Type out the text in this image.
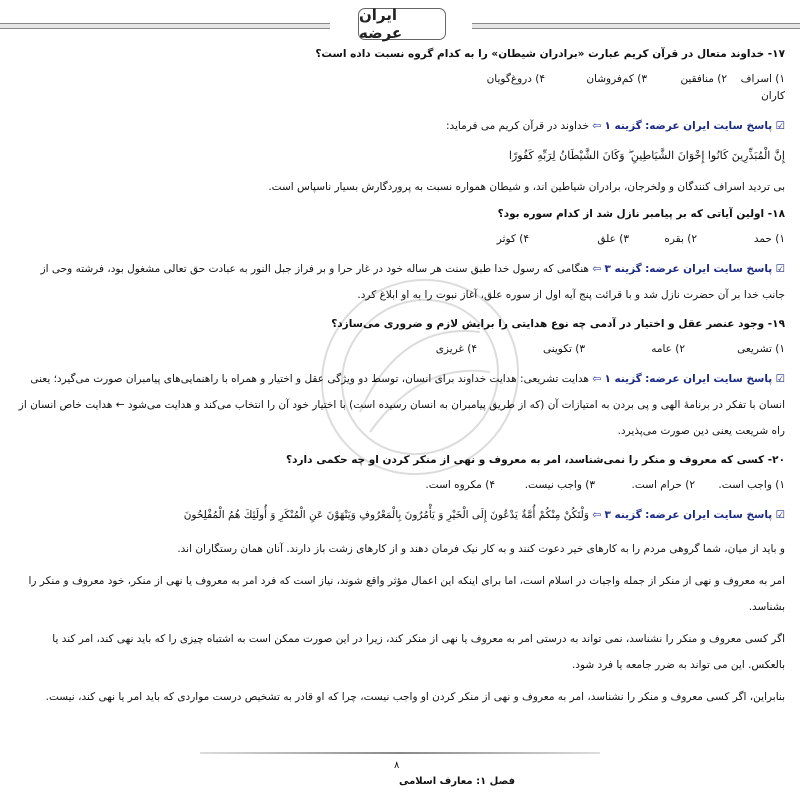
ایران عرضه
۱۷- خداوند متعال در قرآن کریم عبارت «برادران شیطان» را به کدام گروه نسبت داده است؟
۱) اسراف کاران
۲) منافقین
۳) کم‌فروشان
۴) دروغ‌گویان
☑ پاسخ سایت ایران عرضه: گزینه ۱ ⇦ خداوند در قرآن کریم می فرماید:
إِنَّ الْمُبَذِّرِينَ كَانُوا إِخْوَانَ الشَّيَاطِينِ ۖ وَكَانَ الشَّيْطَانُ لِرَبِّهِ كَفُورًا
بی تردید اسراف کنندگان و ولخرجان، برادران شیاطین اند، و شیطان همواره نسبت به پروردگارش بسیار ناسپاس است.
۱۸- اولین آیاتی که بر پیامبر نازل شد از کدام سوره بود؟
۱) حمد
۲) بقره
۳) علق
۴) کوثر
☑ پاسخ سایت ایران عرضه: گزینه ۳ ⇦ هنگامی که رسول خدا طبق سنت هر ساله خود در غار حرا و بر فراز جبل النور به عبادت حق تعالی مشغول بود، فرشته وحی از جانب خدا بر آن حضرت نازل شد و با قرائت پنج آیه اول از سوره علق، آغاز نبوت را به او ابلاغ کرد.
۱۹- وجود عنصر عقل و اختیار در آدمی چه نوع هدایتی را برایش لازم و ضروری می‌سازد؟
۱) تشریعی
۲) عامه
۳) تکوینی
۴) غریزی
☑ پاسخ سایت ایران عرضه: گزینه ۱ ⇦ هدایت تشریعی: هدایت خداوند برای انسان، توسط دو ویژگی عقل و اختیار و همراه با راهنمایی‌های پیامبران صورت می‌گیرد؛ یعنی انسان با تفکر در برنامهٔ الهی و پی بردن به امتیازات آن (که از طریق پیامبران به انسان رسیده است) با اختیار خود آن را انتخاب می‌کند و هدایت می‌شود ← هدایت خاص انسان از راه شریعت یعنی دین صورت می‌پذیرد.
۲۰- کسی که معروف و منکر را نمی‌شناسد، امر به معروف و نهی از منکر کردن او چه حکمی دارد؟
۱) واجب است.
۲) حرام است.
۳) واجب نیست.
۴) مکروه است.
☑ پاسخ سایت ایران عرضه: گزینه ۳ ⇦ وَلْتَكُنْ مِنْكُمْ أُمَّةٌ يَدْعُونَ إِلَى الْخَيْرِ وَ يَأْمُرُونَ بِالْمَعْرُوفِ وَيَنْهَوْنَ عَنِ الْمُنْكَرِ وَ أُولَئِكَ هُمُ الْمُفْلِحُونَ
و باید از میان، شما گروهی مردم را به کارهای خیر دعوت کنند و به کار نیک فرمان دهند و از کارهای زشت باز دارند. آنان همان رستگاران اند.
امر به معروف و نهی از منکر از جمله واجبات در اسلام است، اما برای اینکه این اعمال مؤثر واقع شوند، نیاز است که فرد امر به معروف یا نهی از منکر، خود معروف و منکر را بشناسد.
اگر کسی معروف و منکر را نشناسد، نمی تواند به درستی امر به معروف یا نهی از منکر کند، زیرا در این صورت ممکن است به اشتباه چیزی را که باید نهی کند، امر کند یا بالعکس. این می تواند به ضرر جامعه یا فرد شود.
بنابراین، اگر کسی معروف و منکر را نشناسد، امر به معروف و نهی از منکر کردن او واجب نیست، چرا که او قادر به تشخیص درست مواردی که باید امر یا نهی کند، نیست.
۸
فصل ۱: معارف اسلامی
